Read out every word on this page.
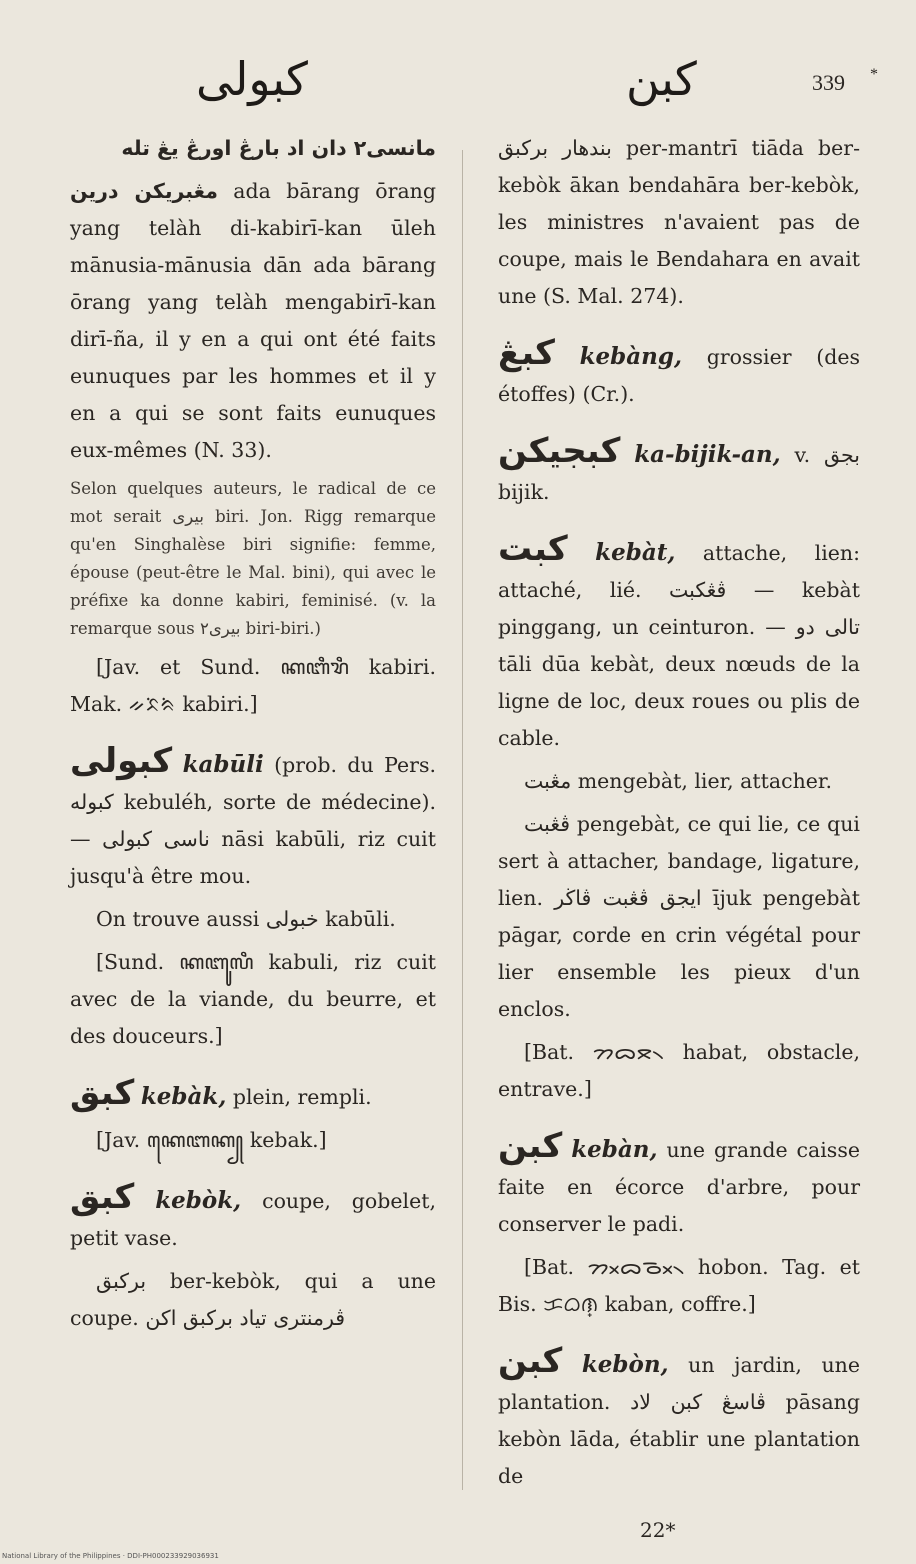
كبولى	كبن	339 *

مانسى٢ دان اد بارڠ اورڠ يڠ تله

مڠبريكن درين ada bārang ōrang yang telàh di-kabirī-kan ūleh mānusia-mānusia dān ada bārang ōrang yang telàh mengabirī-kan dirī-ña, il y en a qui ont été faits eunuques par les hommes et il y en a qui se sont faits eunuques eux-mêmes (N. 33).

Selon quelques auteurs, le radical de ce mot serait بيرى biri. Jon. Rigg remarque qu'en Singhalèse biri signifie: femme, épouse (peut-être le Mal. bini), qui avec le préfixe ka donne kabiri, feminisé. (v. la remarque sous بيرى٢ biri-biri.)

[Jav. et Sund. ꦏꦧꦶꦫꦶ kabiri. Mak. ᨀᨅᨗᨑᨗ kabiri.]

كبولى kabūli (prob. du Pers. كبوله kebuléh, sorte de médecine). — ناسى كبولى nāsi kabūli, riz cuit jusqu'à être mou.

On trouve aussi خبولى kabūli.

[Sund. ꦏꦧꦸꦭꦶ kabuli, riz cuit avec de la viande, du beurre, et des douceurs.]

كبق kebàk, plein, rempli.

[Jav. ꦏꦺꦧꦏ꧀ kebak.]

كبق kebòk, coupe, gobelet, petit vase.

بركبق ber-kebòk, qui a une coupe. ڤرمنترى تياد بركبق اكن

بندهار بركبق per-mantrī tiāda ber-kebòk ākan bendahāra ber-kebòk, les ministres n'avaient pas de coupe, mais le Bendahara en avait une (S. Mal. 274).

كبڠ kebàng, grossier (des étoffes) (Cr.).

كبجيكن ka-bijik-an, v. بجق bijik.

كبت kebàt, attache, lien: attaché, lié. ڤڠكبت — kebàt pinggang, un ceinturon. — تالى دو tāli dūa kebàt, deux nœuds de la ligne de loc, deux roues ou plis de cable.

مڠبت mengebàt, lier, attacher.

ڤڠبت pengebàt, ce qui lie, ce qui sert à attacher, bandage, ligature, lien. ايجق ڤڠبت ڤاڬر ījuk pengebàt pāgar, corde en crin végétal pour lier ensemble les pieux d'un enclos.

[Bat. ᯂᯅᯖ᯲ habat, obstacle, entrave.]

كبن kebàn, une grande caisse faite en écorce d'arbre, pour conserver le padi.

[Bat. ᯂᯬᯅᯬᯉ᯲ hobon. Tag. et Bis. ᜃᜊᜈ᜔ kaban, coffre.]

كبن kebòn, un jardin, une plantation. ڤاسڠ كبن لاد pāsang kebòn lāda, établir une plantation de

22*
National Library of the Philippines · DDI-PH000233929036931
